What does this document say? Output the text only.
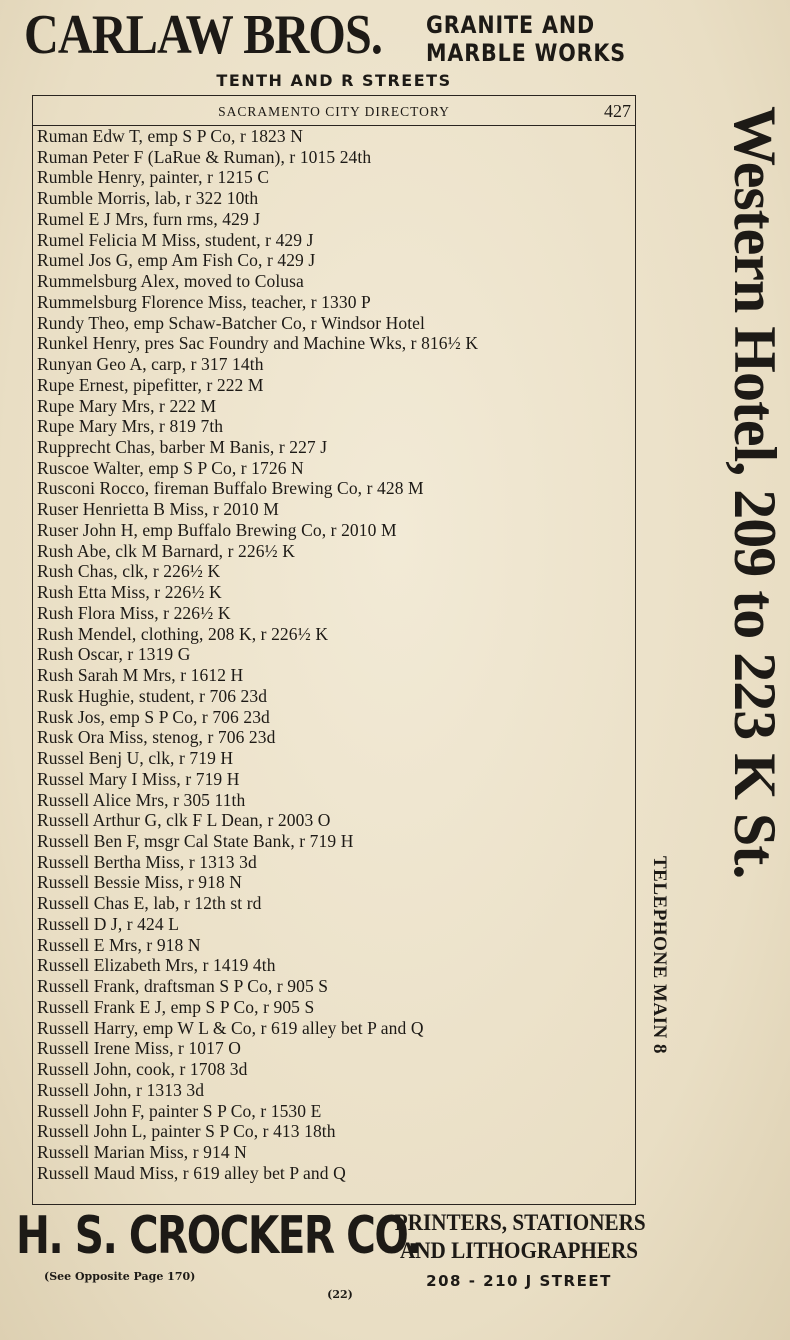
CARLAW BROS. GRANITE AND
MARBLE WORKS
TENTH AND R STREETS
SACRAMENTO CITY DIRECTORY	427
Ruman Edw T, emp S P Co, r 1823 N
Ruman Peter F (LaRue & Ruman), r 1015 24th
Rumble Henry, painter, r 1215 C
Rumble Morris, lab, r 322 10th
Rumel E J Mrs, furn rms, 429 J
Rumel Felicia M Miss, student, r 429 J
Rumel Jos G, emp Am Fish Co, r 429 J
Rummelsburg Alex, moved to Colusa
Rummelsburg Florence Miss, teacher, r 1330 P
Rundy Theo, emp Schaw-Batcher Co, r Windsor Hotel
Runkel Henry, pres Sac Foundry and Machine Wks, r 816½ K
Runyan Geo A, carp, r 317 14th
Rupe Ernest, pipefitter, r 222 M
Rupe Mary Mrs, r 222 M
Rupe Mary Mrs, r 819 7th
Rupprecht Chas, barber M Banis, r 227 J
Ruscoe Walter, emp S P Co, r 1726 N
Rusconi Rocco, fireman Buffalo Brewing Co, r 428 M
Ruser Henrietta B Miss, r 2010 M
Ruser John H, emp Buffalo Brewing Co, r 2010 M
Rush Abe, clk M Barnard, r 226½ K
Rush Chas, clk, r 226½ K
Rush Etta Miss, r 226½ K
Rush Flora Miss, r 226½ K
Rush Mendel, clothing, 208 K, r 226½ K
Rush Oscar, r 1319 G
Rush Sarah M Mrs, r 1612 H
Rusk Hughie, student, r 706 23d
Rusk Jos, emp S P Co, r 706 23d
Rusk Ora Miss, stenog, r 706 23d
Russel Benj U, clk, r 719 H
Russel Mary I Miss, r 719 H
Russell Alice Mrs, r 305 11th
Russell Arthur G, clk F L Dean, r 2003 O
Russell Ben F, msgr Cal State Bank, r 719 H
Russell Bertha Miss, r 1313 3d
Russell Bessie Miss, r 918 N
Russell Chas E, lab, r 12th st rd
Russell D J, r 424 L
Russell E Mrs, r 918 N
Russell Elizabeth Mrs, r 1419 4th
Russell Frank, draftsman S P Co, r 905 S
Russell Frank E J, emp S P Co, r 905 S
Russell Harry, emp W L & Co, r 619 alley bet P and Q
Russell Irene Miss, r 1017 O
Russell John, cook, r 1708 3d
Russell John, r 1313 3d
Russell John F, painter S P Co, r 1530 E
Russell John L, painter S P Co, r 413 18th
Russell Marian Miss, r 914 N
Russell Maud Miss, r 619 alley bet P and Q
Western Hotel, 209 to 223 K St.
TELEPHONE MAIN 8
H. S. CROCKER CO.
PRINTERS, STATIONERS
AND LITHOGRAPHERS
208 - 210 J STREET
(See Opposite Page 170)
(22)
